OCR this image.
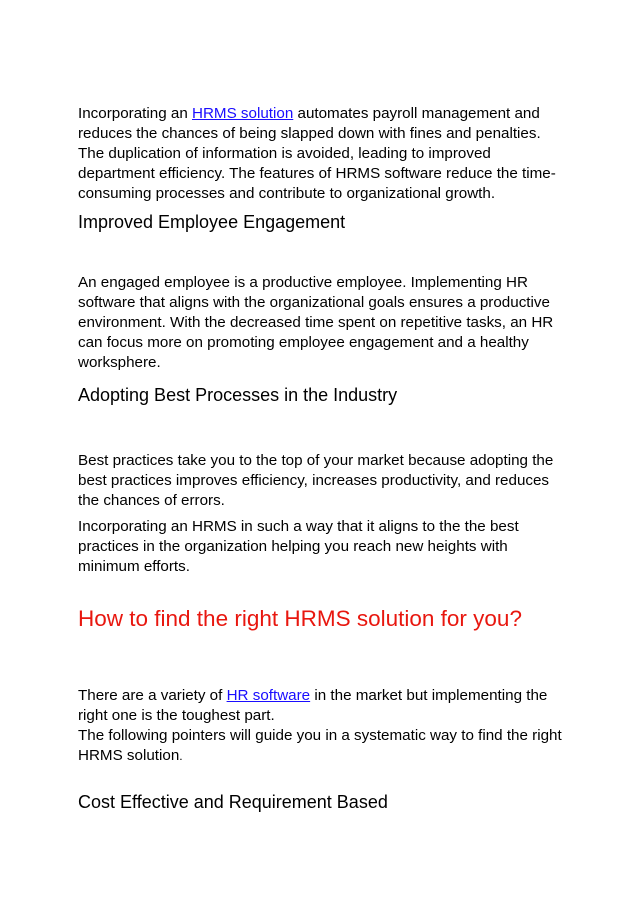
Incorporating an HRMS solution automates payroll management and
reduces the chances of being slapped down with fines and penalties.
The duplication of information is avoided, leading to improved
department efficiency. The features of HRMS software reduce the time-
consuming processes and contribute to organizational growth.

Improved Employee Engagement

An engaged employee is a productive employee. Implementing HR
software that aligns with the organizational goals ensures a productive
environment. With the decreased time spent on repetitive tasks, an HR
can focus more on promoting employee engagement and a healthy
worksphere.

Adopting Best Processes in the Industry

Best practices take you to the top of your market because adopting the
best practices improves efficiency, increases productivity, and reduces
the chances of errors.

Incorporating an HRMS in such a way that it aligns to the the best
practices in the organization helping you reach new heights with
minimum efforts.

How to find the right HRMS solution for you?

There are a variety of HR software in the market but implementing the
right one is the toughest part.
The following pointers will guide you in a systematic way to find the right
HRMS solution.

Cost Effective and Requirement Based
